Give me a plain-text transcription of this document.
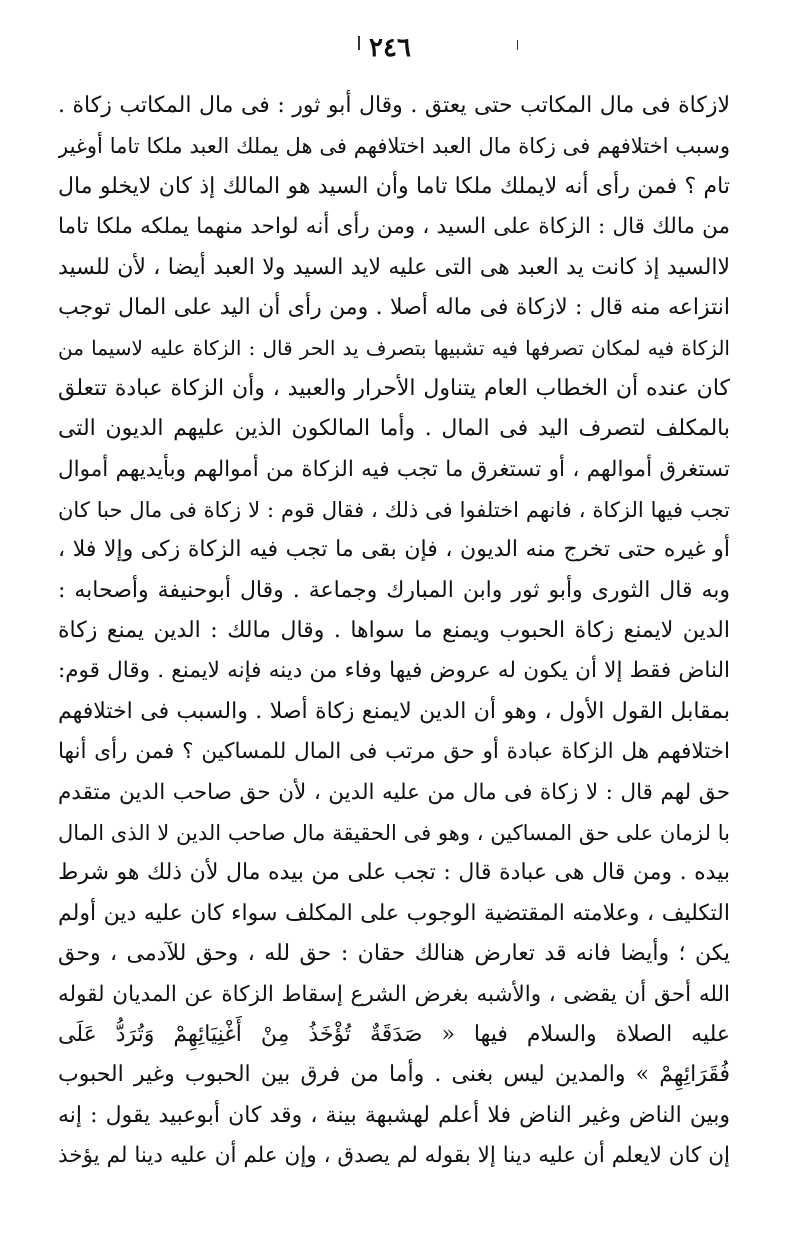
٢٤٦
لازكاة فى مال المكاتب حتى يعتق . وقال أبو ثور : فى مال المكاتب زكاة .
وسبب اختلافهم فى زكاة مال العبد اختلافهم فى هل يملك العبد ملكا تاما أوغير
تام ؟ فمن رأى أنه لايملك ملكا تاما وأن السيد هو المالك إذ كان لايخلو مال
من مالك قال : الزكاة على السيد ، ومن رأى أنه لواحد منهما يملكه ملكا تاما
لاالسيد إذ كانت يد العبد هى التى عليه لايد السيد ولا العبد أيضا ، لأن للسيد
انتزاعه منه قال : لازكاة فى ماله أصلا . ومن رأى أن اليد على المال توجب
الزكاة فيه لمكان تصرفها فيه تشبيها بتصرف يد الحر قال : الزكاة عليه لاسيما من
كان عنده أن الخطاب العام يتناول الأحرار والعبيد ، وأن الزكاة عبادة تتعلق
بالمكلف لتصرف اليد فى المال . وأما المالكون الذين عليهم الديون التى
تستغرق أموالهم ، أو تستغرق ما تجب فيه الزكاة من أموالهم وبأيديهم أموال
تجب فيها الزكاة ، فانهم اختلفوا فى ذلك ، فقال قوم : لا زكاة فى مال حبا كان
أو غيره حتى تخرج منه الديون ، فإن بقى ما تجب فيه الزكاة زكى وإلا فلا ،
وبه قال الثورى وأبو ثور وابن المبارك وجماعة . وقال أبوحنيفة وأصحابه :
الدين لايمنع زكاة الحبوب ويمنع ما سواها . وقال مالك : الدين يمنع زكاة
الناض فقط إلا أن يكون له عروض فيها وفاء من دينه فإنه لايمنع . وقال قوم:
بمقابل القول الأول ، وهو أن الدين لايمنع زكاة أصلا . والسبب فى اختلافهم
اختلافهم هل الزكاة عبادة أو حق مرتب فى المال للمساكين ؟ فمن رأى أنها
حق لهم قال : لا زكاة فى مال من عليه الدين ، لأن حق صاحب الدين متقدم
با لزمان على حق المساكين ، وهو فى الحقيقة مال صاحب الدين لا الذى المال
بيده . ومن قال هى عبادة قال : تجب على من بيده مال لأن ذلك هو شرط
التكليف ، وعلامته المقتضية الوجوب على المكلف سواء كان عليه دين أولم
يكن ؛ وأيضا فانه قد تعارض هنالك حقان : حق لله ، وحق للآدمى ، وحق
الله أحق أن يقضى ، والأشبه بغرض الشرع إسقاط الزكاة عن المديان لقوله
عليه الصلاة والسلام فيها « صَدَقَةٌ تُؤْخَذُ مِنْ أَغْنِيَائِهِمْ وَتُرَدُّ عَلَى
فُقَرَائِهِمْ » والمدين ليس بغنى . وأما من فرق بين الحبوب وغير الحبوب
وبين الناض وغير الناض فلا أعلم لهشبهة بينة ، وقد كان أبوعبيد يقول : إنه
إن كان لايعلم أن عليه دينا إلا بقوله لم يصدق ، وإن علم أن عليه دينا لم يؤخذ
